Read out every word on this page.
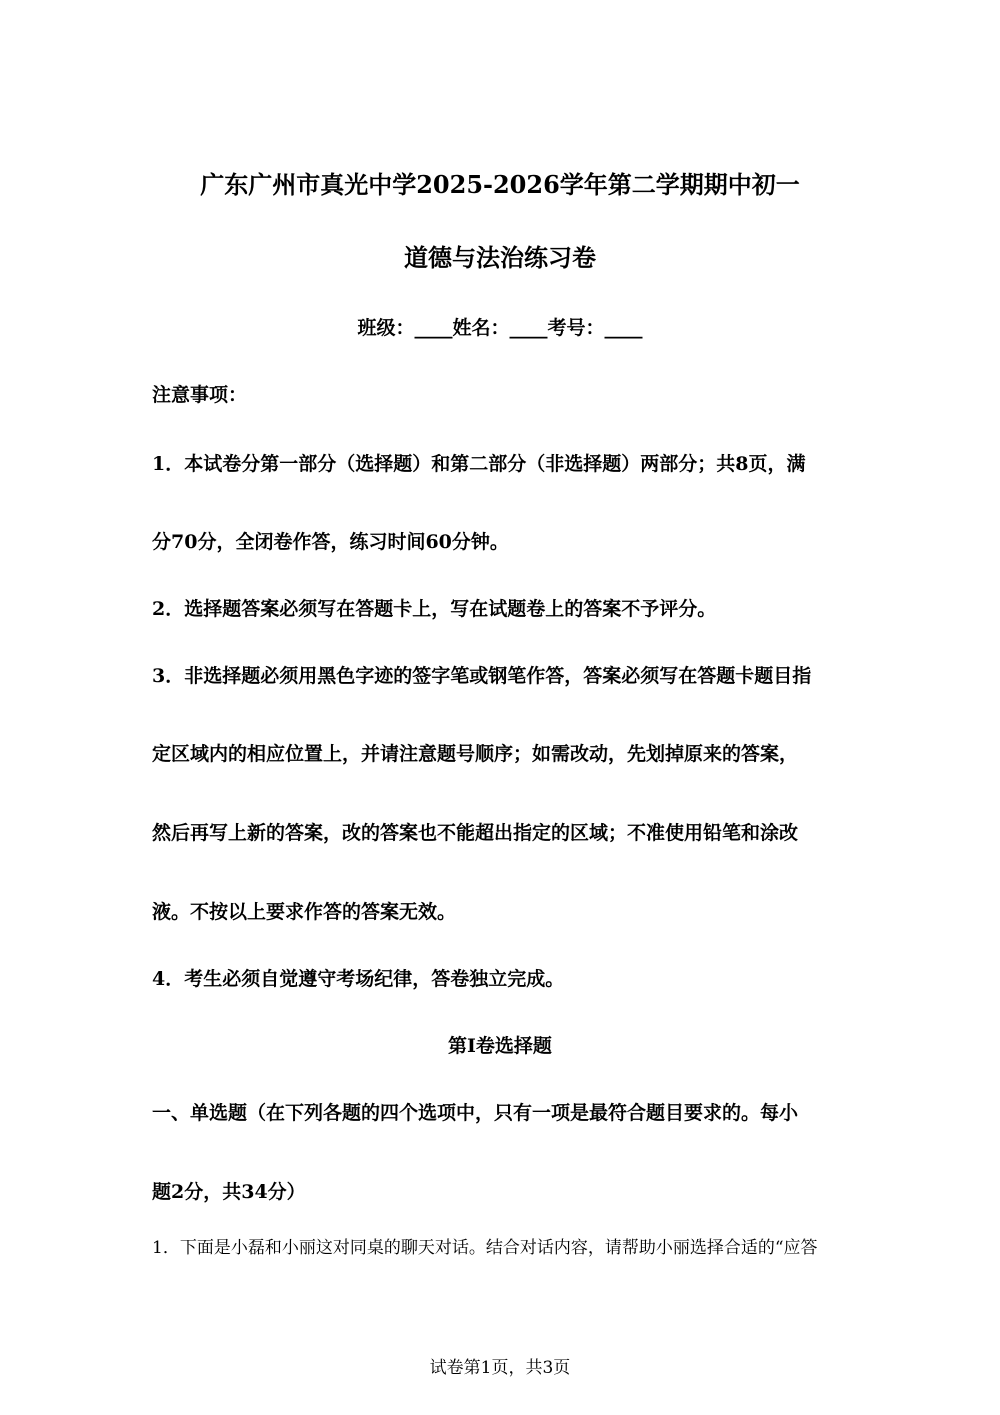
广东广州市真光中学2025-2026学年第二学期期中初一
道德与法治练习卷
班级：____姓名：____考号：____
注意事项：
1．本试卷分第一部分（选择题）和第二部分（非选择题）两部分；共8页，满
分70分，全闭卷作答，练习时间60分钟。
2．选择题答案必须写在答题卡上，写在试题卷上的答案不予评分。
3．非选择题必须用黑色字迹的签字笔或钢笔作答，答案必须写在答题卡题目指
定区域内的相应位置上，并请注意题号顺序；如需改动，先划掉原来的答案，
然后再写上新的答案，改的答案也不能超出指定的区域；不准使用铅笔和涂改
液。不按以上要求作答的答案无效。
4．考生必须自觉遵守考场纪律，答卷独立完成。
第Ⅰ卷选择题
一、单选题（在下列各题的四个选项中，只有一项是最符合题目要求的。每小
题2分，共34分）
1．下面是小磊和小丽这对同桌的聊天对话。结合对话内容，请帮助小丽选择合适的“应答
试卷第1页，共3页
